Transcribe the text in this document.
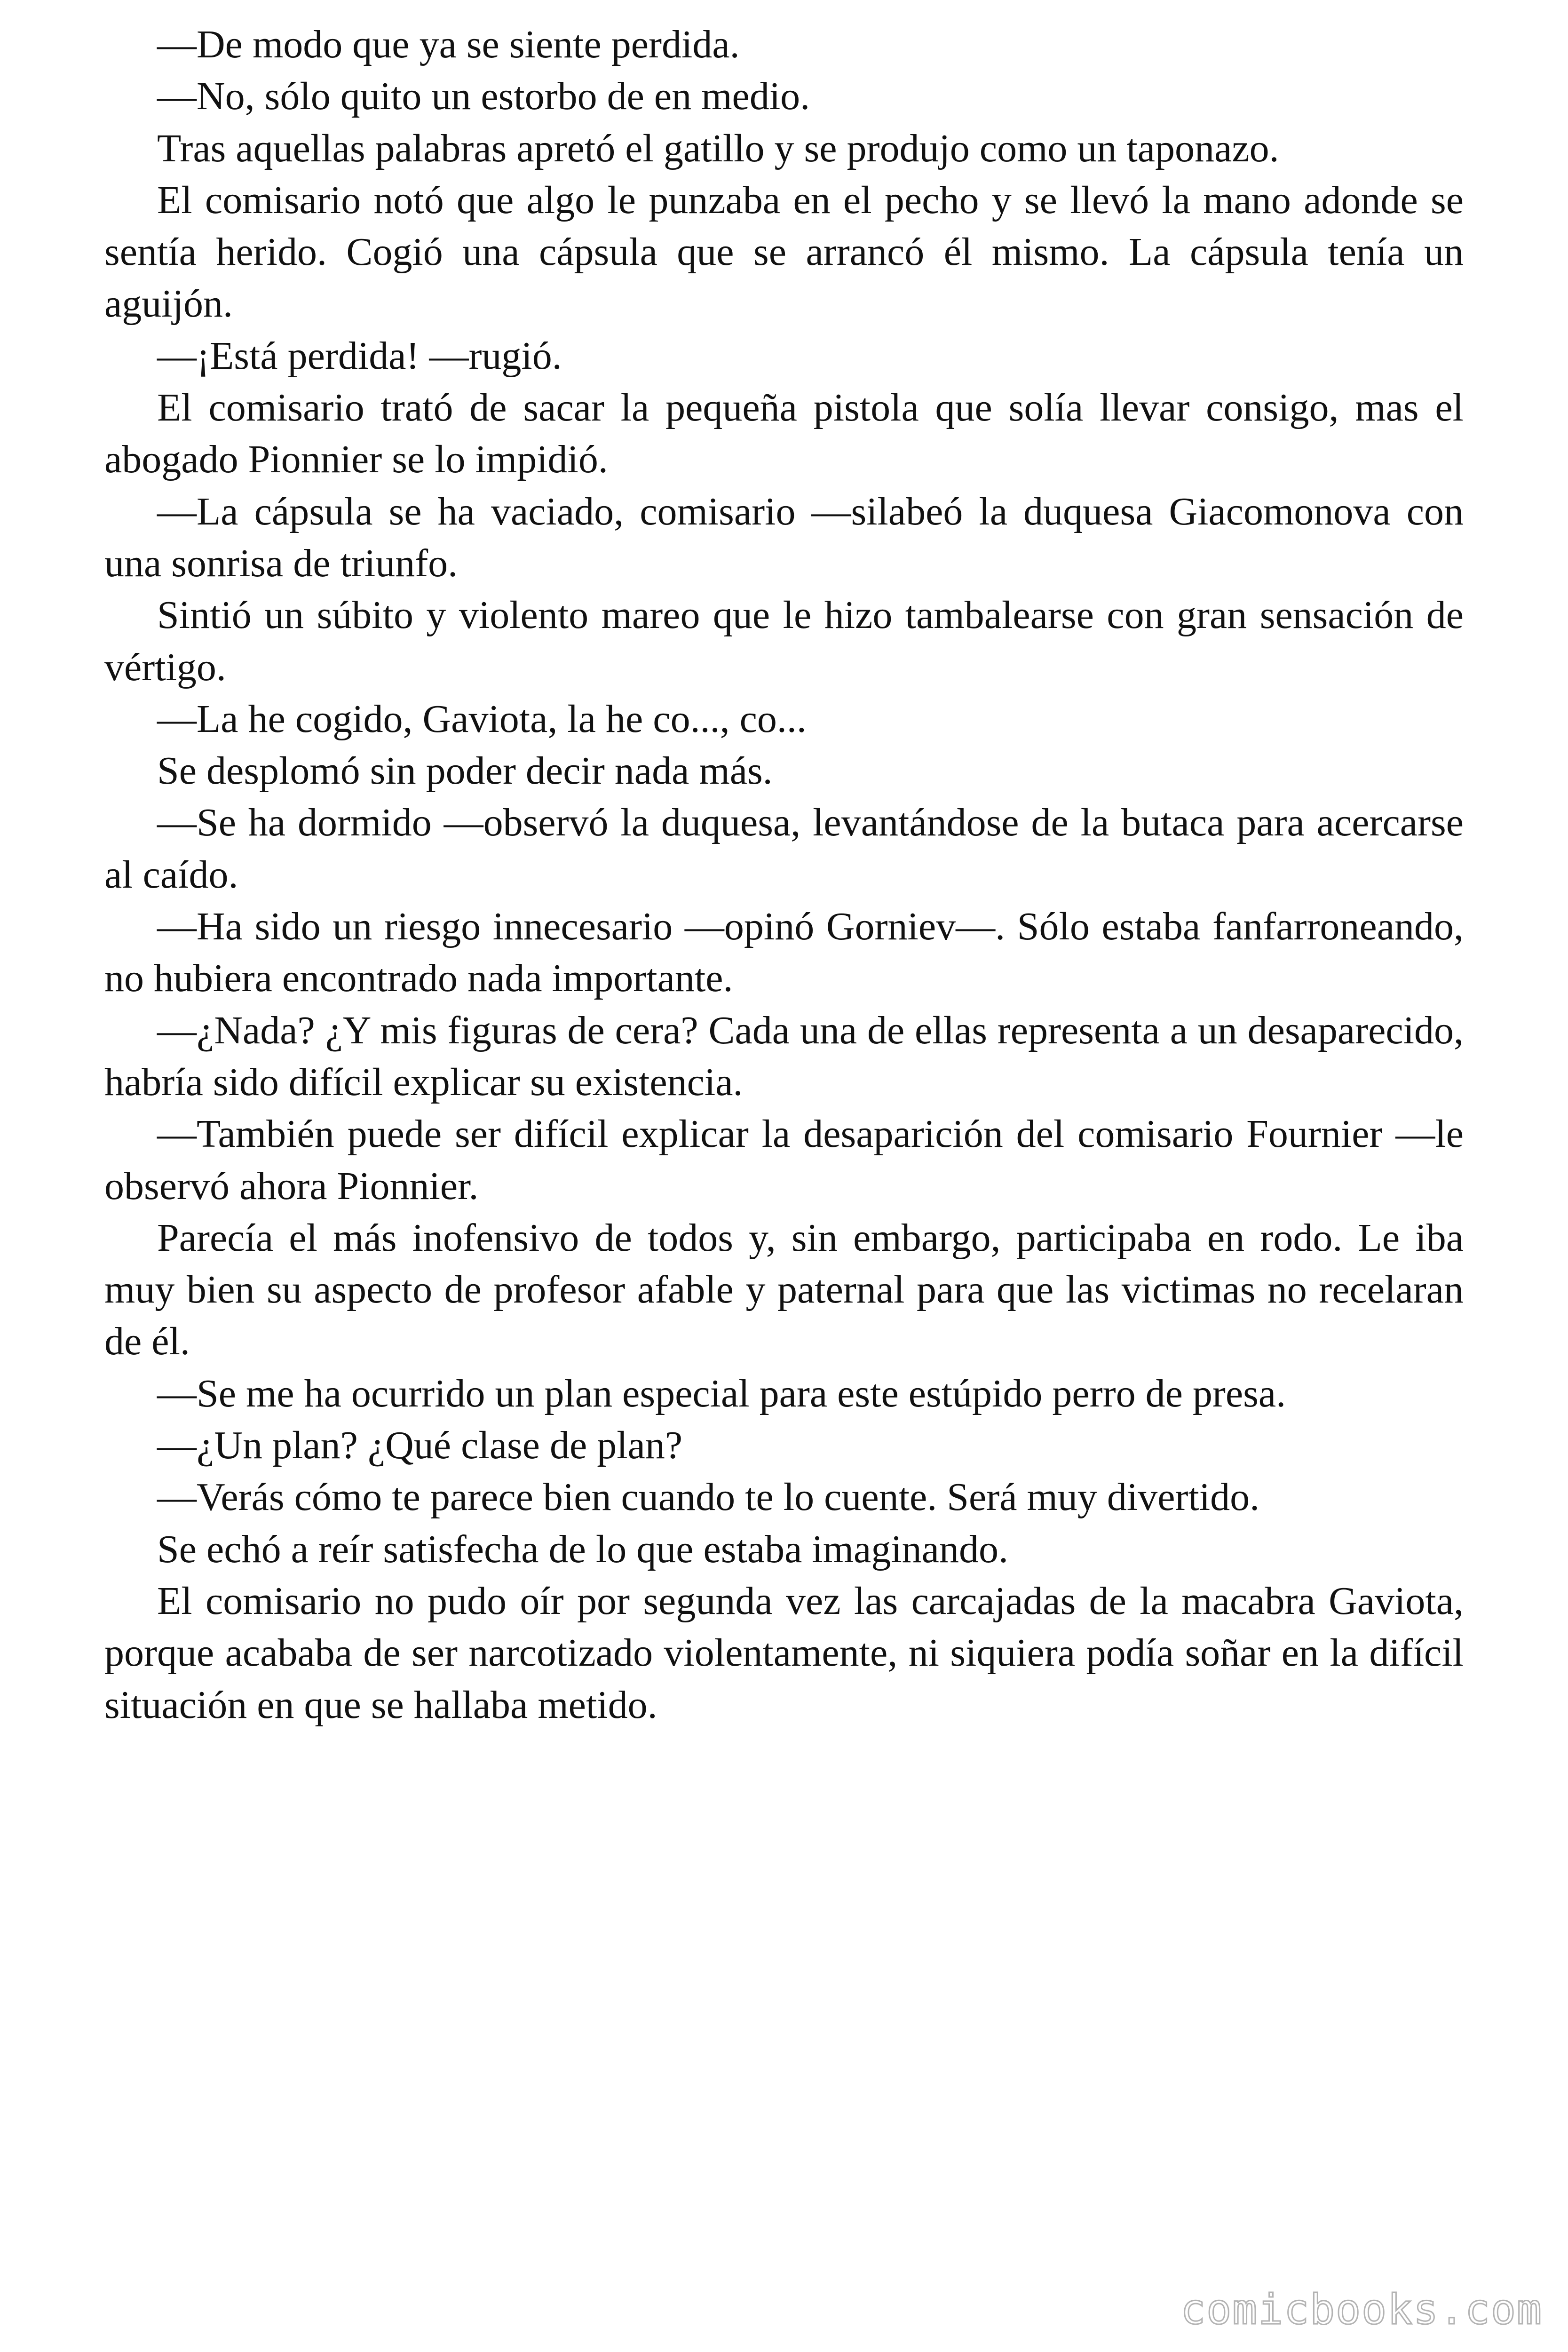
—De modo que ya se siente perdida.

—No, sólo quito un estorbo de en medio.

Tras aquellas palabras apretó el gatillo y se produjo como un taponazo.

El comisario notó que algo le punzaba en el pecho y se llevó la mano adonde se sentía herido. Cogió una cápsula que se arrancó él mismo. La cápsula tenía un aguijón.

—¡Está perdida! —rugió.

El comisario trató de sacar la pequeña pistola que solía llevar consigo, mas el abogado Pionnier se lo impidió.

—La cápsula se ha vaciado, comisario —silabeó la duquesa Giacomonova con una sonrisa de triunfo.

Sintió un súbito y violento mareo que le hizo tambalearse con gran sensación de vértigo.

—La he cogido, Gaviota, la he co..., co...

Se desplomó sin poder decir nada más.

—Se ha dormido —observó la duquesa, levantándose de la butaca para acercarse al caído.

—Ha sido un riesgo innecesario —opinó Gorniev—. Sólo estaba fanfarroneando, no hubiera encontrado nada importante.

—¿Nada? ¿Y mis figuras de cera? Cada una de ellas representa a un desaparecido, habría sido difícil explicar su existencia.

—También puede ser difícil explicar la desaparición del comisario Fournier —le observó ahora Pionnier.

Parecía el más inofensivo de todos y, sin embargo, participaba en rodo. Le iba muy bien su aspecto de profesor afable y paternal para que las victimas no recelaran de él.

—Se me ha ocurrido un plan especial para este estúpido perro de presa.

—¿Un plan? ¿Qué clase de plan?

—Verás cómo te parece bien cuando te lo cuente. Será muy divertido.

Se echó a reír satisfecha de lo que estaba imaginando.

El comisario no pudo oír por segunda vez las carcajadas de la macabra Gaviota, porque acababa de ser narcotizado violentamente, ni siquiera podía soñar en la difícil situación en que se hallaba metido.

comicbooks.com
